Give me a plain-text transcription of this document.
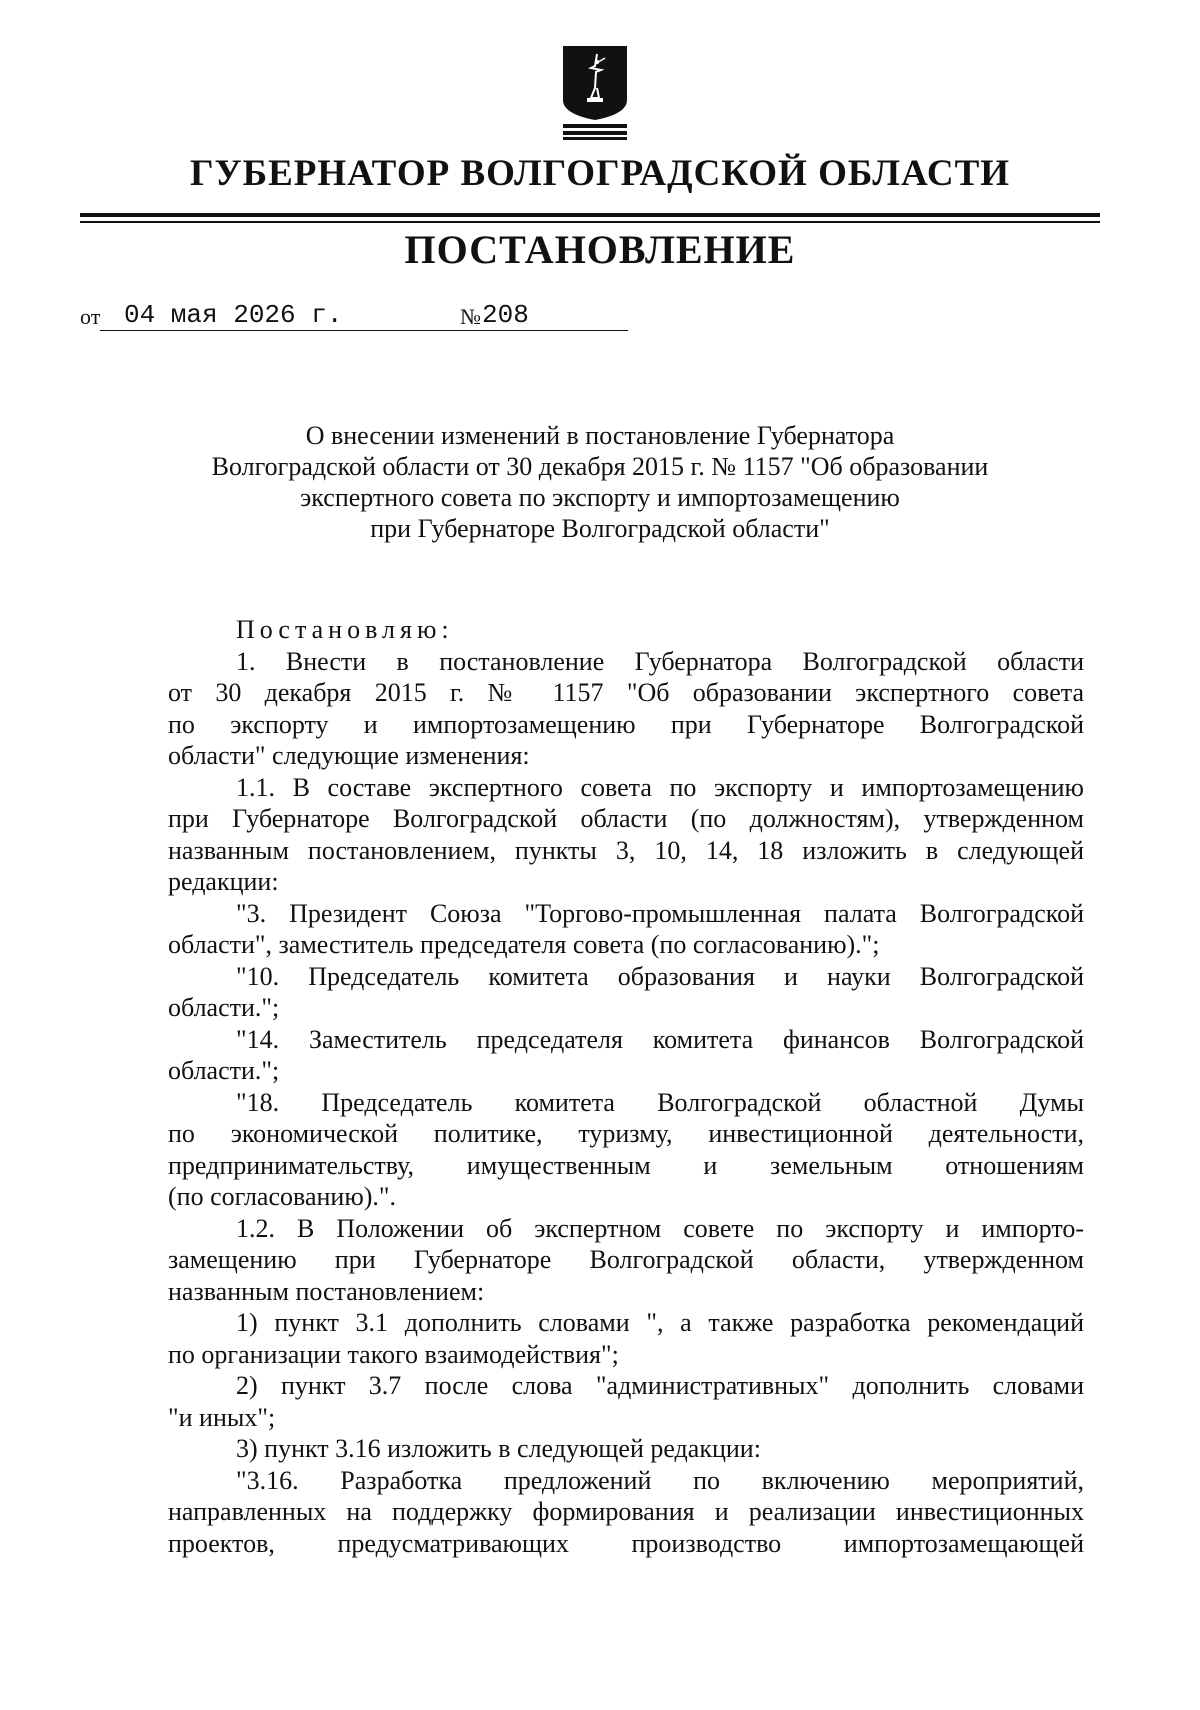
ГУБЕРНАТОР ВОЛГОГРАДСКОЙ ОБЛАСТИ
ПОСТАНОВЛЕНИЕ
от 04 мая 2026 г.	№ 208
О внесении изменений в постановление Губернатора
Волгоградской области от 30 декабря 2015 г. № 1157 "Об образовании
экспертного совета по экспорту и импортозамещению
при Губернаторе Волгоградской области"

Постановляю:

1. Внести в постановление Губернатора Волгоградской области

от 30 декабря 2015 г. № 1157 "Об образовании экспертного совета

по экспорту и импортозамещению при Губернаторе Волгоградской

области" следующие изменения:

1.1. В составе экспертного совета по экспорту и импортозамещению

при Губернаторе Волгоградской области (по должностям), утвержденном

названным постановлением, пункты 3, 10, 14, 18 изложить в следующей

редакции:

"3. Президент Союза "Торгово-промышленная палата Волгоградской

области", заместитель председателя совета (по согласованию).";

"10. Председатель комитета образования и науки Волгоградской

области.";

"14. Заместитель председателя комитета финансов Волгоградской

области.";

"18. Председатель комитета Волгоградской областной Думы

по экономической политике, туризму, инвестиционной деятельности,

предпринимательству, имущественным и земельным отношениям

(по согласованию).".

1.2. В Положении об экспертном совете по экспорту и импорто-

замещению при Губернаторе Волгоградской области, утвержденном

названным постановлением:

1) пункт 3.1 дополнить словами ", а также разработка рекомендаций

по организации такого взаимодействия";

2) пункт 3.7 после слова "административных" дополнить словами

"и иных";

3) пункт 3.16 изложить в следующей редакции:

"3.16. Разработка предложений по включению мероприятий,

направленных на поддержку формирования и реализации инвестиционных

проектов, предусматривающих производство импортозамещающей
